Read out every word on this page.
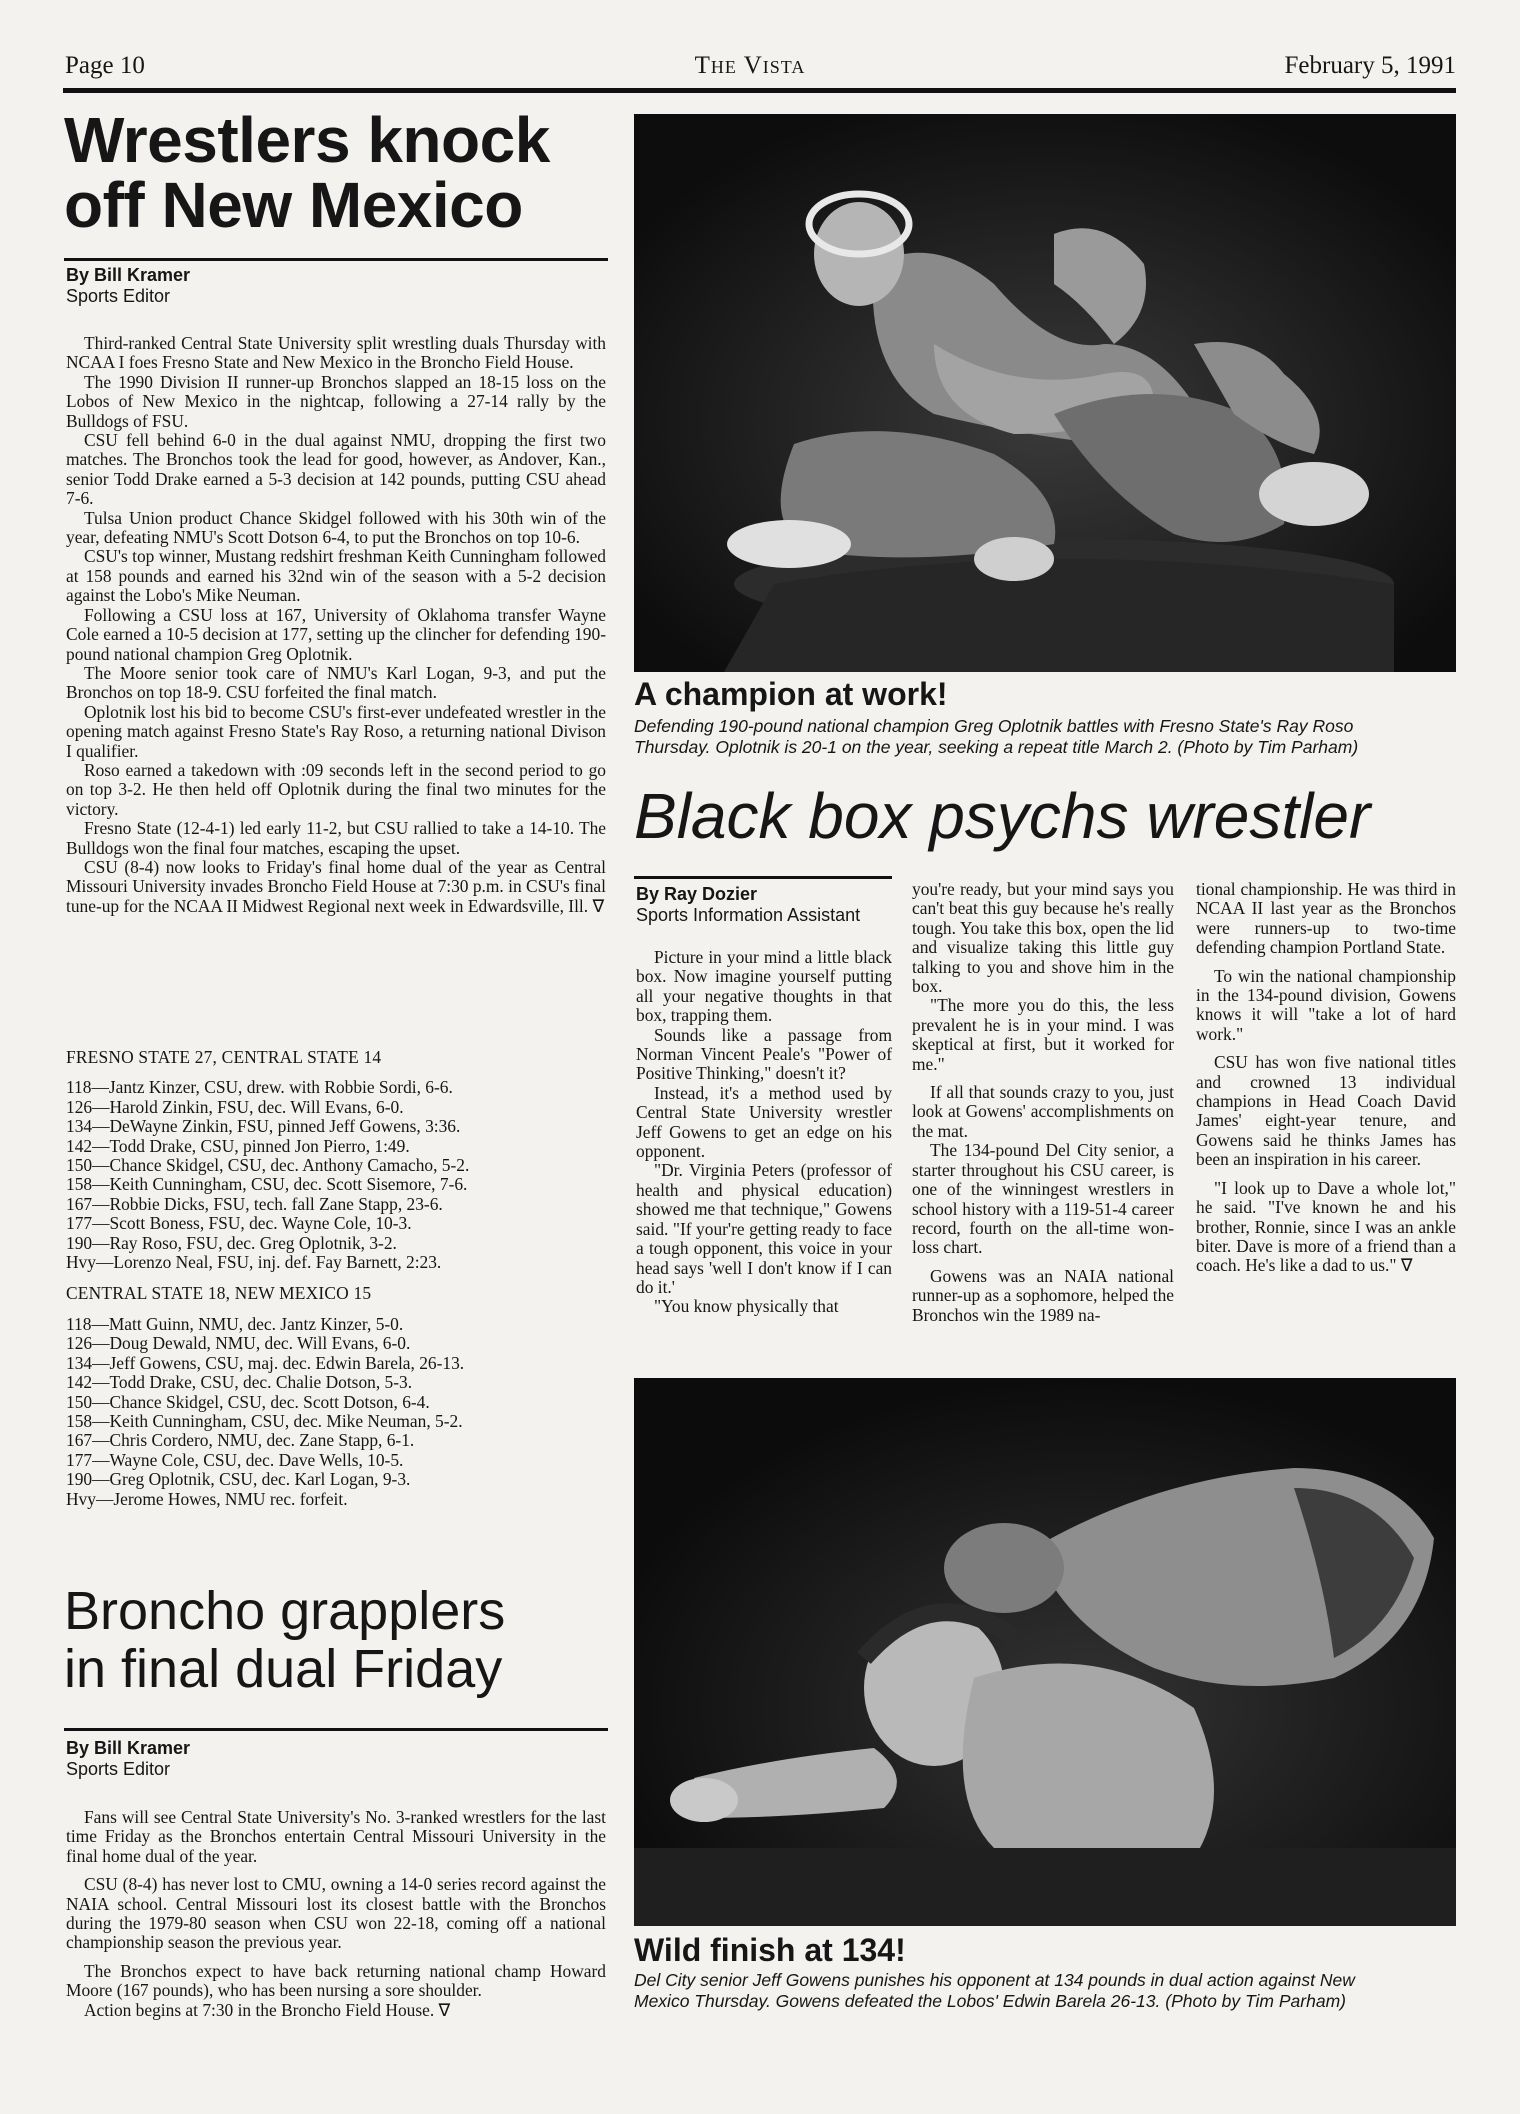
Page 10	The Vista	February 5, 1991
Wrestlers knock
off New Mexico
By Bill Kramer
Sports Editor

Third-ranked Central State University split wrestling duals Thursday with NCAA I foes Fresno State and New Mexico in the Broncho Field House.

The 1990 Division II runner-up Bronchos slapped an 18-15 loss on the Lobos of New Mexico in the nightcap, following a 27-14 rally by the Bulldogs of FSU.

CSU fell behind 6-0 in the dual against NMU, dropping the first two matches. The Bronchos took the lead for good, however, as Andover, Kan., senior Todd Drake earned a 5-3 decision at 142 pounds, putting CSU ahead 7-6.

Tulsa Union product Chance Skidgel followed with his 30th win of the year, defeating NMU's Scott Dotson 6-4, to put the Bronchos on top 10-6.

CSU's top winner, Mustang redshirt freshman Keith Cunningham followed at 158 pounds and earned his 32nd win of the season with a 5-2 decision against the Lobo's Mike Neuman.

Following a CSU loss at 167, University of Oklahoma transfer Wayne Cole earned a 10-5 decision at 177, setting up the clincher for defending 190-pound national champion Greg Oplotnik.

The Moore senior took care of NMU's Karl Logan, 9-3, and put the Bronchos on top 18-9. CSU forfeited the final match.

Oplotnik lost his bid to become CSU's first-ever undefeated wrestler in the opening match against Fresno State's Ray Roso, a returning national Divison I qualifier.

Roso earned a takedown with :09 seconds left in the second period to go on top 3-2. He then held off Oplotnik during the final two minutes for the victory.

Fresno State (12-4-1) led early 11-2, but CSU rallied to take a 14-10. The Bulldogs won the final four matches, escaping the upset.

CSU (8-4) now looks to Friday's final home dual of the year as Central Missouri University invades Broncho Field House at 7:30 p.m. in CSU's final tune-up for the NCAA II Midwest Regional next week in Edwardsville, Ill. ∇

FRESNO STATE 27, CENTRAL STATE 14
118—Jantz Kinzer, CSU, drew. with Robbie Sordi, 6-6.
126—Harold Zinkin, FSU, dec. Will Evans, 6-0.
134—DeWayne Zinkin, FSU, pinned Jeff Gowens, 3:36.
142—Todd Drake, CSU, pinned Jon Pierro, 1:49.
150—Chance Skidgel, CSU, dec. Anthony Camacho, 5-2.
158—Keith Cunningham, CSU, dec. Scott Sisemore, 7-6.
167—Robbie Dicks, FSU, tech. fall Zane Stapp, 23-6.
177—Scott Boness, FSU, dec. Wayne Cole, 10-3.
190—Ray Roso, FSU, dec. Greg Oplotnik, 3-2.
Hvy—Lorenzo Neal, FSU, inj. def. Fay Barnett, 2:23.
CENTRAL STATE 18, NEW MEXICO 15
118—Matt Guinn, NMU, dec. Jantz Kinzer, 5-0.
126—Doug Dewald, NMU, dec. Will Evans, 6-0.
134—Jeff Gowens, CSU, maj. dec. Edwin Barela, 26-13.
142—Todd Drake, CSU, dec. Chalie Dotson, 5-3.
150—Chance Skidgel, CSU, dec. Scott Dotson, 6-4.
158—Keith Cunningham, CSU, dec. Mike Neuman, 5-2.
167—Chris Cordero, NMU, dec. Zane Stapp, 6-1.
177—Wayne Cole, CSU, dec. Dave Wells, 10-5.
190—Greg Oplotnik, CSU, dec. Karl Logan, 9-3.
Hvy—Jerome Howes, NMU rec. forfeit.
Broncho grapplers
in final dual Friday
By Bill Kramer
Sports Editor

Fans will see Central State University's No. 3-ranked wrestlers for the last time Friday as the Bronchos entertain Central Missouri University in the final home dual of the year.

CSU (8-4) has never lost to CMU, owning a 14-0 series record against the NAIA school. Central Missouri lost its closest battle with the Bronchos during the 1979-80 season when CSU won 22-18, coming off a national championship season the previous year.

The Bronchos expect to have back returning national champ Howard Moore (167 pounds), who has been nursing a sore shoulder.

Action begins at 7:30 in the Broncho Field House. ∇

A champion at work!
Defending 190-pound national champion Greg Oplotnik battles with Fresno State's Ray Roso
Thursday. Oplotnik is 20-1 on the year, seeking a repeat title March 2. (Photo by Tim Parham)
Black box psychs wrestler
By Ray Dozier
Sports Information Assistant

Picture in your mind a little black box. Now imagine yourself putting all your negative thoughts in that box, trapping them.

Sounds like a passage from Norman Vincent Peale's "Power of Positive Thinking," doesn't it?

Instead, it's a method used by Central State University wrestler Jeff Gowens to get an edge on his opponent.

"Dr. Virginia Peters (professor of health and physical education) showed me that technique," Gowens said. "If your're getting ready to face a tough opponent, this voice in your head says 'well I don't know if I can do it.'

"You know physically that

you're ready, but your mind says you can't beat this guy because he's really tough. You take this box, open the lid and visualize taking this little guy talking to you and shove him in the box.

"The more you do this, the less prevalent he is in your mind. I was skeptical at first, but it worked for me."

If all that sounds crazy to you, just look at Gowens' accomplishments on the mat.

The 134-pound Del City senior, a starter throughout his CSU career, is one of the winningest wrestlers in school history with a 119-51-4 career record, fourth on the all-time won-loss chart.

Gowens was an NAIA national runner-up as a sophomore, helped the Bronchos win the 1989 na-

tional championship. He was third in NCAA II last year as the Bronchos were runners-up to two-time defending champion Portland State.

To win the national championship in the 134-pound division, Gowens knows it will "take a lot of hard work."

CSU has won five national titles and crowned 13 individual champions in Head Coach David James' eight-year tenure, and Gowens said he thinks James has been an inspiration in his career.

"I look up to Dave a whole lot," he said. "I've known he and his brother, Ronnie, since I was an ankle biter. Dave is more of a friend than a coach. He's like a dad to us." ∇

Wild finish at 134!
Del City senior Jeff Gowens punishes his opponent at 134 pounds in dual action against New
Mexico Thursday. Gowens defeated the Lobos' Edwin Barela 26-13. (Photo by Tim Parham)
